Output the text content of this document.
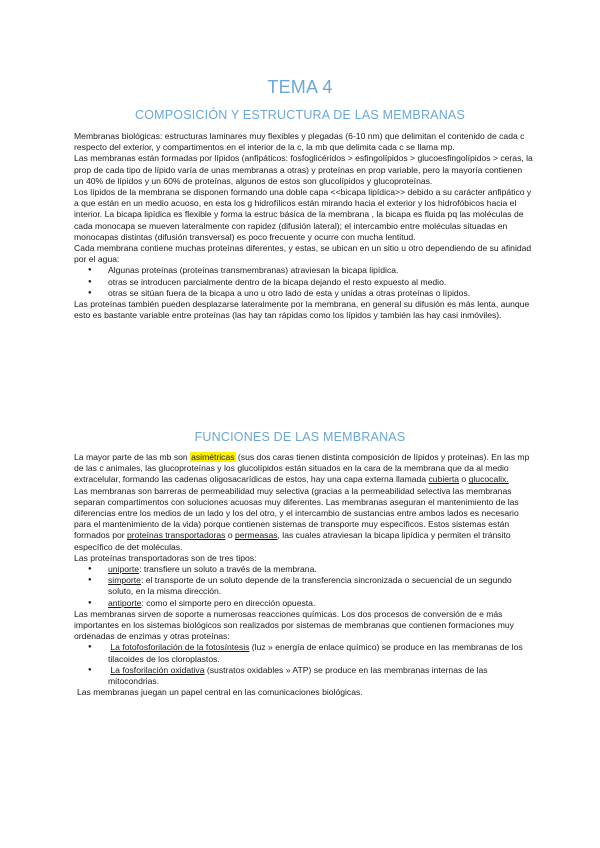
TEMA 4
COMPOSICIÓN Y ESTRUCTURA DE LAS MEMBRANAS

Membranas biológicas: estructuras laminares muy flexibles y plegadas (6-10 nm) que delimitan el contenido de cada c respecto del exterior, y compartimentos en el interior de la c, la mb que delimita cada c se llama mp.

Las membranas están formadas por lípidos (anfipáticos: fosfoglicéridos > esfingolípidos > glucoesfingolípidos > ceras, la prop de cada tipo de lípido varía de unas membranas a otras) y proteínas en prop variable, pero la mayoría contienen un 40% de lípidos y un 60% de proteínas, algunos de estos son glucolípidos y glucoproteínas.

Los lípidos de la membrana se disponen formando una doble capa <<bicapa lipídica>> debido a su carácter anfipático y a que están en un medio acuoso, en esta los g hidrofílicos están mirando hacia el exterior y los hidrofóbicos hacia el interior. La bicapa lipídica es flexible y forma la estruc básica de la membrana , la bicapa es fluida pq las moléculas de cada monocapa se mueven lateralmente con rapidez (difusión lateral); el intercambio entre moléculas situadas en monocapas distintas (difusión transversal) es poco frecuente y ocurre con mucha lentitud.

Cada membrana contiene muchas proteínas diferentes, y estas, se ubican en un sitio u otro dependiendo de su afinidad por el agua:

● Algunas proteínas (proteínas transmembranas) atraviesan la bicapa lipídica.
● otras se introducen parcialmente dentro de la bicapa dejando el resto expuesto al medio.
● otras se sitúan fuera de la bicapa a uno u otro lado de esta y unidas a otras proteínas o lípidos.

Las proteínas también pueden desplazarse lateralmente por la membrana, en general su difusión es más lenta, aunque esto es bastante variable entre proteínas (las hay tan rápidas como los lípidos y también las hay casi inmóviles).

FUNCIONES DE LAS MEMBRANAS

La mayor parte de las mb son asimétricas (sus dos caras tienen distinta composición de lípidos y proteínas). En las mp de las c animales, las glucoproteínas y los glucolípidos están situados en la cara de la membrana que da al medio extracelular, formando las cadenas oligosacarídicas de estos, hay una capa externa llamada cubierta o glucocalix.

Las membranas son barreras de permeabilidad muy selectiva (gracias a la permeabilidad selectiva las membranas separan compartimentos con soluciones acuosas muy diferentes. Las membranas aseguran el mantenimiento de las diferencias entre los medios de un lado y los del otro, y el intercambio de sustancias entre ambos lados es necesario para el mantenimiento de la vida) porque contienen sistemas de transporte muy específicos. Estos sistemas están formados por proteínas transportadoras o permeasas, las cuales atraviesan la bicapa lipídica y permiten el tránsito específico de det moléculas.

Las proteínas transportadoras son de tres tipos:

● uniporte: transfiere un soluto a través de la membrana.
● simporte: el transporte de un soluto depende de la transferencia sincronizada o secuencial de un segundo soluto, en la misma dirección.
● antiporte: como el simporte pero en dirección opuesta.

Las membranas sirven de soporte a numerosas reacciones químicas. Los dos procesos de conversión de e más importantes en los sistemas biológicos son realizados por sistemas de membranas que contienen formaciones muy ordenadas de enzimas y otras proteínas:

● La fotofosforilación de la fotosíntesis (luz » energía de enlace químico) se produce en las membranas de los tilacoides de los cloroplastos.
● La fosforilación oxidativa (sustratos oxidables » ATP) se produce en las membranas internas de las mitocondrias.

Las membranas juegan un papel central en las comunicaciones biológicas.
